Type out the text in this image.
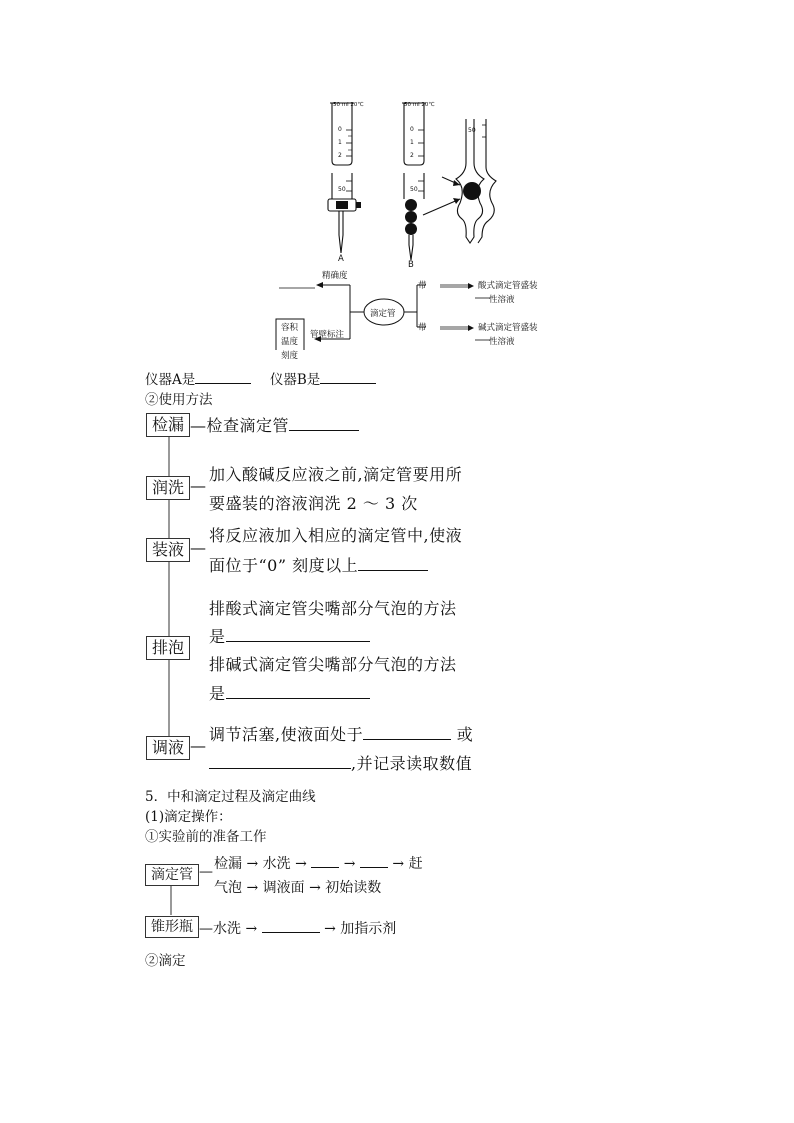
50 ml 20℃	50 ml 20℃
0
1
2
0
1
2
50	50
50
A
B
精确度
滴定管
管壁标注
容积
温度
刻度
带
带
酸式滴定管盛装
性溶液
碱式滴定管盛装
性溶液
仪器A是	仪器B是
②使用方法
检漏 —检查滴定管
润洗 —
加入酸碱反应液之前,滴定管要用所
要盛装的溶液润洗 2 ～ 3 次
装液 —
将反应液加入相应的滴定管中,使液
面位于“0” 刻度以上
排泡
排酸式滴定管尖嘴部分气泡的方法
是
排碱式滴定管尖嘴部分气泡的方法
是
调液 —
调节活塞,使液面处于	或
,并记录读取数值
5．中和滴定过程及滴定曲线
(1)滴定操作：
①实验前的准备工作
滴定管 — 检漏 → 水洗 →	→	→ 赶
气泡 → 调液面 → 初始读数
锥形瓶 —水洗 →	→ 加指示剂
②滴定
